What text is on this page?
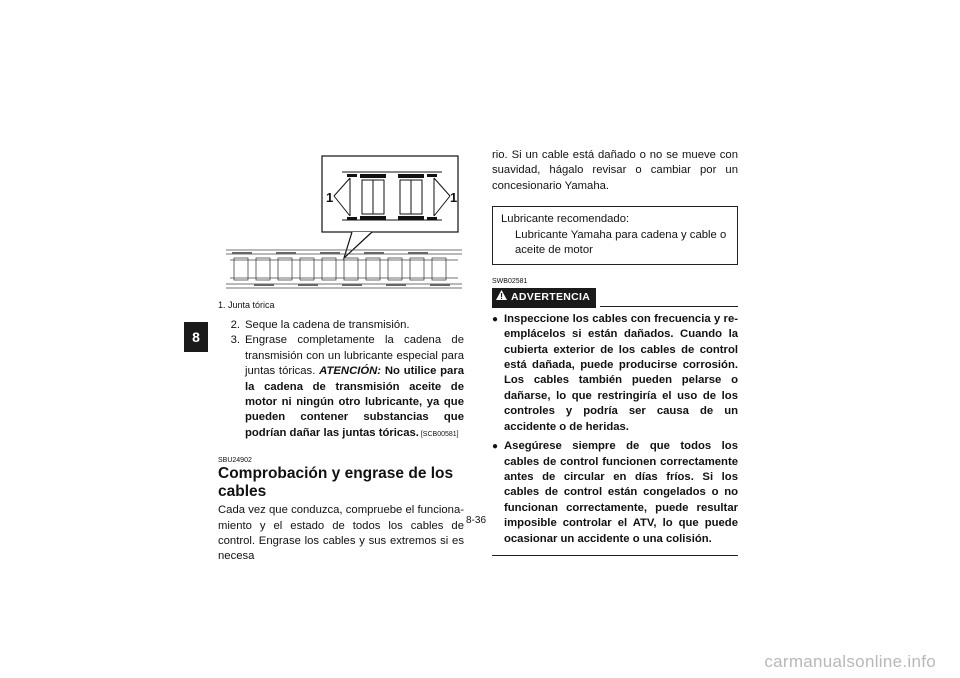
8
1	1
1. Junta tórica
2. Seque la cadena de transmisión.
3. Engrase completamente la cadena de transmisión con un lubricante especial para juntas tóricas. ATENCIÓN: No utilice para la cadena de transmisión aceite de motor ni ningún otro lubricante, ya que pueden contener substancias que podrían dañar las juntas tóricas. [SCB00581]
SBU24902
Comprobación y engrase de los cables
Cada vez que conduzca, compruebe el funcionamiento y el estado de todos los cables de control. Engrase los cables y sus extremos si es necesa
rio. Si un cable está dañado o no se mueve con suavidad, hágalo revisar o cambiar por un concesionario Yamaha.
Lubricante recomendado:
Lubricante Yamaha para cadena y cable o aceite de motor
SWB02581
ADVERTENCIA
● Inspeccione los cables con frecuencia y reemplácelos si están dañados. Cuando la cubierta exterior de los cables de control está dañada, puede producirse corrosión. Los cables también pueden pelarse o dañarse, lo que restringiría el uso de los controles y podría ser causa de un accidente o de heridas.
● Asegúrese siempre de que todos los cables de control funcionen correctamente antes de circular en días fríos. Si los cables de control están congelados o no funcionan correctamente, puede resultar imposible controlar el ATV, lo que puede ocasionar un accidente o una colisión.
8-36
carmanualsonline.info
